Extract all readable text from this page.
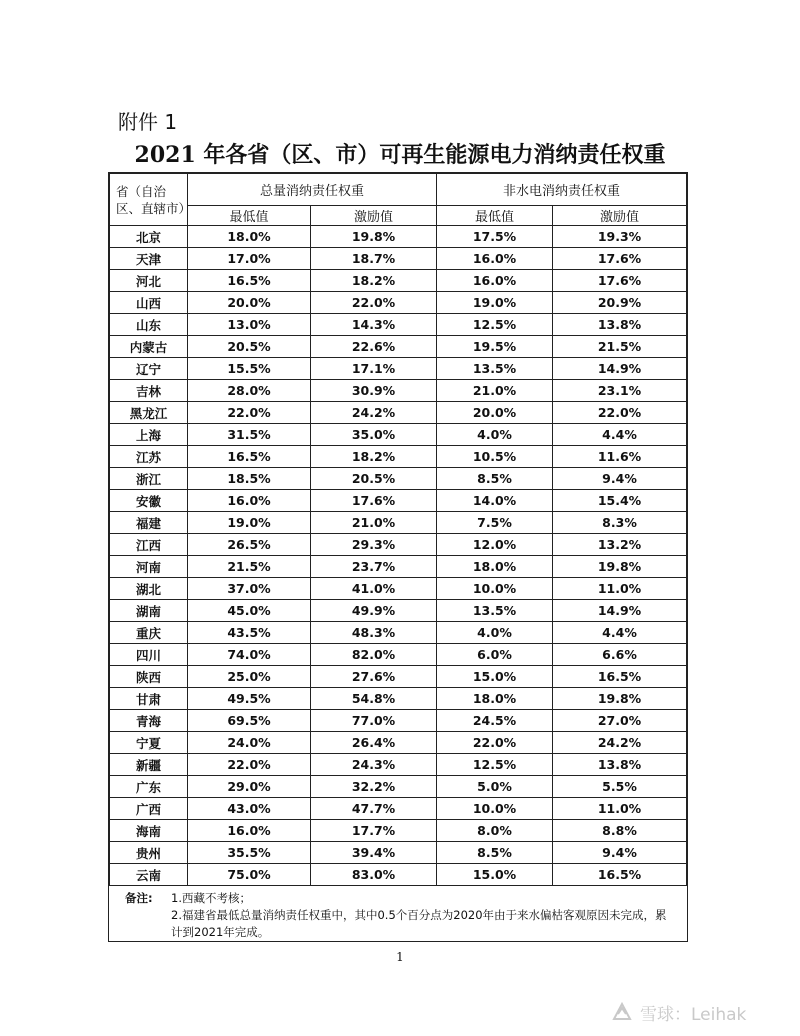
附件 1
2021 年各省（区、市）可再生能源电力消纳责任权重
省（自治区、直辖市）	总量消纳责任权重		非水电消纳责任权重	
	最低值	激励值	最低值	激励值
北京	18.0%	19.8%	17.5%	19.3%
天津	17.0%	18.7%	16.0%	17.6%
河北	16.5%	18.2%	16.0%	17.6%
山西	20.0%	22.0%	19.0%	20.9%
山东	13.0%	14.3%	12.5%	13.8%
内蒙古	20.5%	22.6%	19.5%	21.5%
辽宁	15.5%	17.1%	13.5%	14.9%
吉林	28.0%	30.9%	21.0%	23.1%
黑龙江	22.0%	24.2%	20.0%	22.0%
上海	31.5%	35.0%	4.0%	4.4%
江苏	16.5%	18.2%	10.5%	11.6%
浙江	18.5%	20.5%	8.5%	9.4%
安徽	16.0%	17.6%	14.0%	15.4%
福建	19.0%	21.0%	7.5%	8.3%
江西	26.5%	29.3%	12.0%	13.2%
河南	21.5%	23.7%	18.0%	19.8%
湖北	37.0%	41.0%	10.0%	11.0%
湖南	45.0%	49.9%	13.5%	14.9%
重庆	43.5%	48.3%	4.0%	4.4%
四川	74.0%	82.0%	6.0%	6.6%
陕西	25.0%	27.6%	15.0%	16.5%
甘肃	49.5%	54.8%	18.0%	19.8%
青海	69.5%	77.0%	24.5%	27.0%
宁夏	24.0%	26.4%	22.0%	24.2%
新疆	22.0%	24.3%	12.5%	13.8%
广东	29.0%	32.2%	5.0%	5.5%
广西	43.0%	47.7%	10.0%	11.0%
海南	16.0%	17.7%	8.0%	8.8%
贵州	35.5%	39.4%	8.5%	9.4%
云南	75.0%	83.0%	15.0%	16.5%
备注: 1.西藏不考核；
2.福建省最低总量消纳责任权重中，其中0.5个百分点为2020年由于来水偏枯客观原因未完成，累计到2021年完成。
1
雪球：Leihak
